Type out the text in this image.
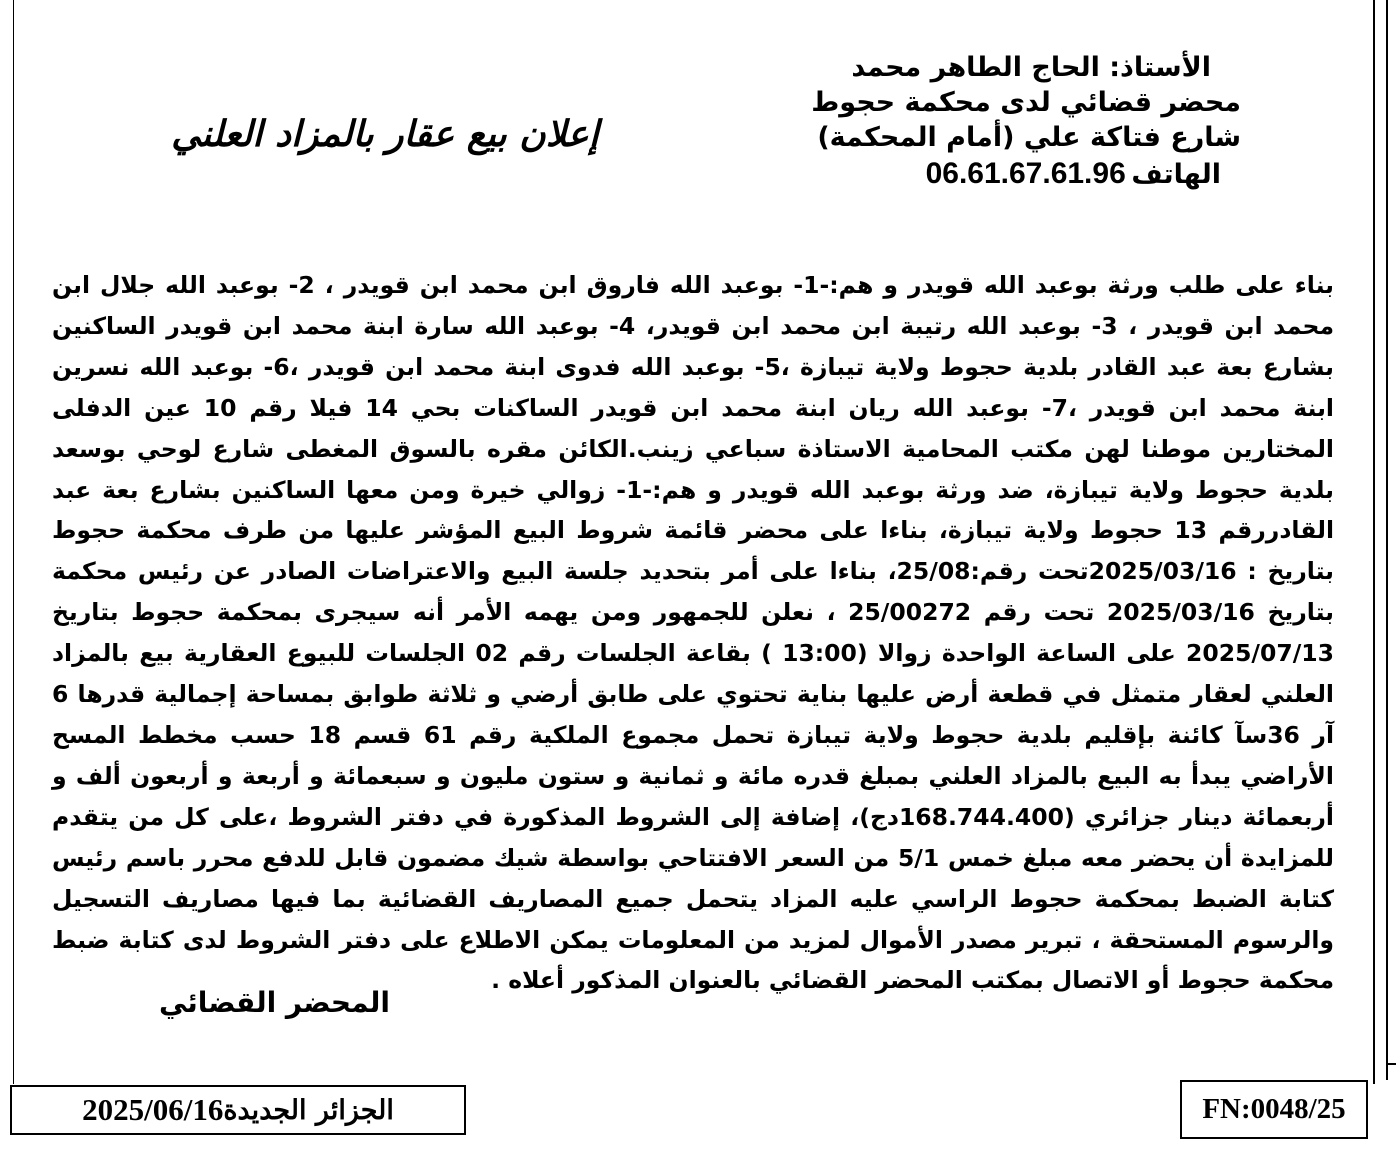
الأستاذ: الحاج الطاهر محمد
محضر قضائي لدى محكمة حجوط
شارع فتاكة علي (أمام المحكمة)
الهاتف 06.61.67.61.96
إعلان بيع عقار بالمزاد العلني
بناء على طلب ورثة بوعبد الله قويدر و هم:-1- بوعبد الله فاروق ابن محمد ابن قويدر ، 2- بوعبد الله جلال ابن محمد ابن قويدر ، 3- بوعبد الله رتيبة ابن محمد ابن قويدر، 4- بوعبد الله سارة ابنة محمد ابن قويدر الساكنين بشارع بعة عبد القادر بلدية حجوط ولاية تيبازة ،5- بوعبد الله فدوى ابنة محمد ابن قويدر ،6- بوعبد الله نسرين ابنة محمد ابن قويدر ،7- بوعبد الله ريان ابنة محمد ابن قويدر الساكنات بحي 14 فيلا رقم 10 عين الدفلى المختارين موطنا لهن مكتب المحامية الاستاذة سباعي زينب.الكائن مقره بالسوق المغطى شارع لوحي بوسعد بلدية حجوط ولاية تيبازة، ضد ورثة بوعبد الله قويدر و هم:-1- زوالي خيرة ومن معها الساكنين بشارع بعة عبد القادررقم 13 حجوط ولاية تيبازة، بناءا على محضر قائمة شروط البيع المؤشر عليها من طرف محكمة حجوط بتاريخ : 2025/03/16تحت رقم:25/08، بناءا على أمر بتحديد جلسة البيع والاعتراضات الصادر عن رئيس محكمة بتاريخ 2025/03/16 تحت رقم 25/00272 ، نعلن للجمهور ومن يهمه الأمر أنه سيجرى بمحكمة حجوط بتاريخ 2025/07/13 على الساعة الواحدة زوالا (13:00 ) بقاعة الجلسات رقم 02 الجلسات للبيوع العقارية بيع بالمزاد العلني لعقار متمثل في قطعة أرض عليها بناية تحتوي على طابق أرضي و ثلاثة طوابق بمساحة إجمالية قدرها 6 آر 36سآ كائنة بإقليم بلدية حجوط ولاية تيبازة تحمل مجموع الملكية رقم 61 قسم 18 حسب مخطط المسح الأراضي يبدأ به البيع بالمزاد العلني بمبلغ قدره مائة و ثمانية و ستون مليون و سبعمائة و أربعة و أربعون ألف و أربعمائة دينار جزائري (168.744.400دج)، إضافة إلى الشروط المذكورة في دفتر الشروط ،على كل من يتقدم للمزايدة أن يحضر معه مبلغ خمس 5/1 من السعر الافتتاحي بواسطة شيك مضمون قابل للدفع محرر باسم رئيس كتابة الضبط بمحكمة حجوط الراسي عليه المزاد يتحمل جميع المصاريف القضائية بما فيها مصاريف التسجيل والرسوم المستحقة ، تبرير مصدر الأموال لمزيد من المعلومات يمكن الاطلاع على دفتر الشروط لدى كتابة ضبط محكمة حجوط أو الاتصال بمكتب المحضر القضائي بالعنوان المذكور أعلاه .
المحضر القضائي
الجزائر الجديدة
2025/06/16	FN:0048/25
